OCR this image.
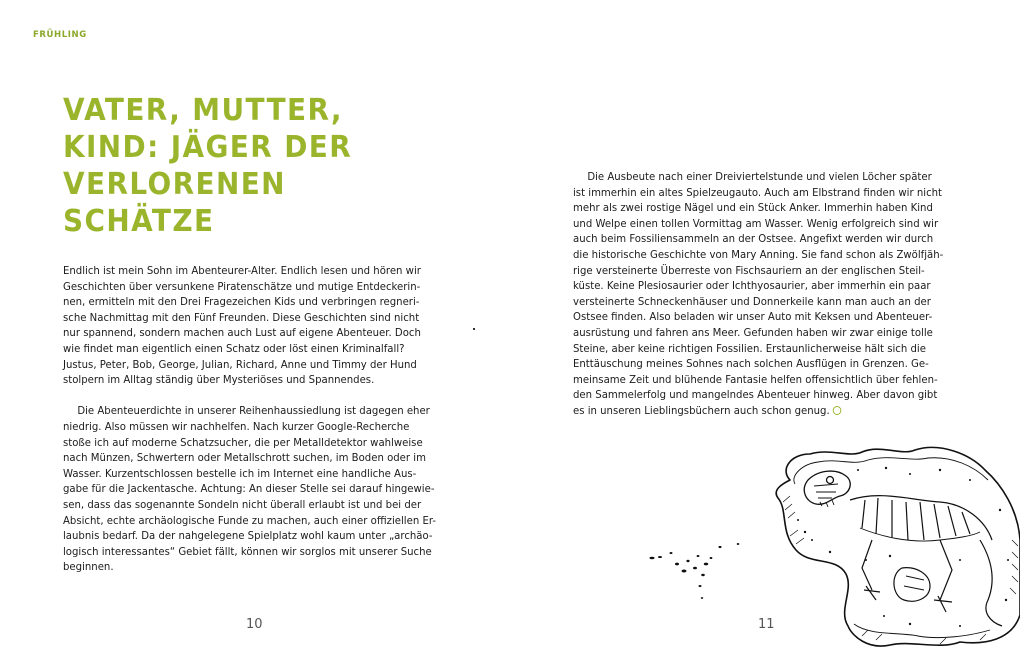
FRÜHLING
VATER, MUTTER,
KIND: JÄGER DER
VERLORENEN
SCHÄTZE
Endlich ist mein Sohn im Abenteurer-Alter. Endlich lesen und hören wir
Geschichten über versunkene Piratenschätze und mutige Entdeckerin-
nen, ermitteln mit den Drei Fragezeichen Kids und verbringen regneri-
sche Nachmittag mit den Fünf Freunden. Diese Geschichten sind nicht
nur spannend, sondern machen auch Lust auf eigene Abenteuer. Doch
wie findet man eigentlich einen Schatz oder löst einen Kriminalfall?
Justus, Peter, Bob, George, Julian, Richard, Anne und Timmy der Hund
stolpern im Alltag ständig über Mysteriöses und Spannendes.
Die Abenteuerdichte in unserer Reihenhaussiedlung ist dagegen eher
niedrig. Also müssen wir nachhelfen. Nach kurzer Google-Recherche
stoße ich auf moderne Schatzsucher, die per Metalldetektor wahlweise
nach Münzen, Schwertern oder Metallschrott suchen, im Boden oder im
Wasser. Kurzentschlossen bestelle ich im Internet eine handliche Aus-
gabe für die Jackentasche. Achtung: An dieser Stelle sei darauf hingewie-
sen, dass das sogenannte Sondeln nicht überall erlaubt ist und bei der
Absicht, echte archäologische Funde zu machen, auch einer offiziellen Er-
laubnis bedarf. Da der nahgelegene Spielplatz wohl kaum unter „archäo-
logisch interessantes“ Gebiet fällt, können wir sorglos mit unserer Suche
beginnen.
10
Die Ausbeute nach einer Dreiviertelstunde und vielen Löcher später
ist immerhin ein altes Spielzeugauto. Auch am Elbstrand finden wir nicht
mehr als zwei rostige Nägel und ein Stück Anker. Immerhin haben Kind
und Welpe einen tollen Vormittag am Wasser. Wenig erfolgreich sind wir
auch beim Fossiliensammeln an der Ostsee. Angefixt werden wir durch
die historische Geschichte von Mary Anning. Sie fand schon als Zwölfjäh-
rige versteinerte Überreste von Fischsauriern an der englischen Steil-
küste. Keine Plesiosaurier oder Ichthyosaurier, aber immerhin ein paar
versteinerte Schneckenhäuser und Donnerkeile kann man auch an der
Ostsee finden. Also beladen wir unser Auto mit Keksen und Abenteuer-
ausrüstung und fahren ans Meer. Gefunden haben wir zwar einige tolle
Steine, aber keine richtigen Fossilien. Erstaunlicherweise hält sich die
Enttäuschung meines Sohnes nach solchen Ausflügen in Grenzen. Ge-
meinsame Zeit und blühende Fantasie helfen offensichtlich über fehlen-
den Sammelerfolg und mangelndes Abenteuer hinweg. Aber davon gibt
es in unseren Lieblingsbüchern auch schon genug.
11
